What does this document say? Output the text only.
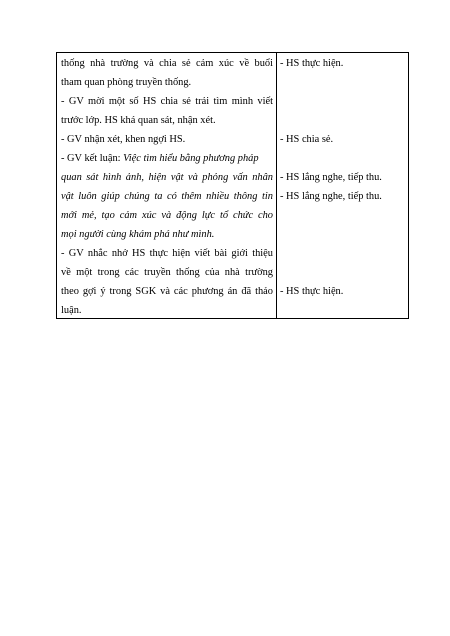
thống nhà trường và chia sẻ cảm xúc về buổi
tham quan phòng truyền thống.
- GV mời một số HS chia sẻ trải tìm mình viết
trước lớp. HS khá quan sát, nhận xét.
- GV nhận xét, khen ngợi HS.
- GV kết luận: Việc tìm hiểu bằng phương pháp
quan sát hình ảnh, hiện vật và phỏng vấn nhân
vật luôn giúp chúng ta có thêm nhiều thông tin
mới mẻ, tạo cảm xúc và động lực tổ chức cho
mọi người cùng khám phá như mình.
- GV nhắc nhở HS thực hiện viết bài giới thiệu
về một trong các truyền thống của nhà trường
theo gợi ý trong SGK và các phương án đã thảo
luận.
- HS thực hiện.
- HS chia sẻ.
- HS lắng nghe, tiếp thu.
- HS lắng nghe, tiếp thu.
- HS thực hiện.
